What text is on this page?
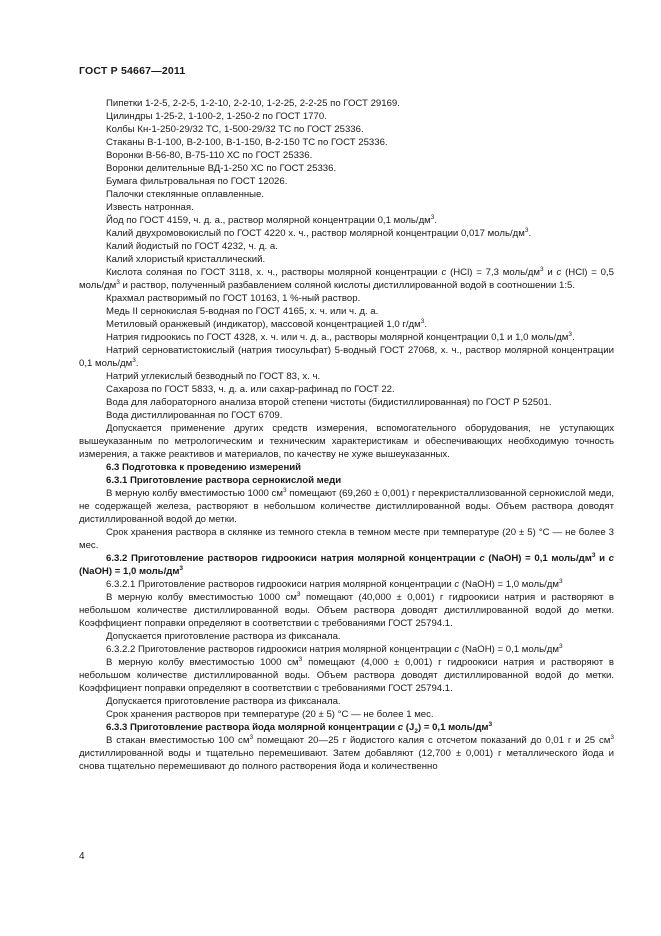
ГОСТ Р 54667—2011

Пипетки 1-2-5, 2-2-5, 1-2-10, 2-2-10, 1-2-25, 2-2-25 по ГОСТ 29169.

Цилиндры 1-25-2, 1-100-2, 1-250-2 по ГОСТ 1770.

Колбы Кн-1-250-29/32 ТС, 1-500-29/32 ТС по ГОСТ 25336.

Стаканы В-1-100, В-2-100, В-1-150, В-2-150 ТС по ГОСТ 25336.

Воронки В-56-80, В-75-110 ХС по ГОСТ 25336.

Воронки делительные ВД-1-250 ХС по ГОСТ 25336.

Бумага фильтровальная по ГОСТ 12026.

Палочки стеклянные оплавленные.

Известь натронная.

Йод по ГОСТ 4159, ч. д. а., раствор молярной концентрации 0,1 моль/$дм^3$.

Калий двухромовокислый по ГОСТ 4220 х. ч., раствор молярной концентрации 0,017 моль/$дм^3$.

Калий йодистый по ГОСТ 4232, ч. д. а.

Калий хлористый кристаллический.

Кислота соляная по ГОСТ 3118, х. ч., растворы молярной концентрации c (HCl) = 7,3 моль/$дм^3$ и c (HCl) = 0,5 моль/$дм^3$ и раствор, полученный разбавлением соляной кислоты дистиллированной водой в соотношении 1:5.

Крахмал растворимый по ГОСТ 10163, 1 %-ный раствор.

Медь II сернокислая 5-водная по ГОСТ 4165, х. ч. или ч. д. а.

Метиловый оранжевый (индикатор), массовой концентрацией 1,0 $г/дм^3$.

Натрия гидроокись по ГОСТ 4328, х. ч. или ч. д. а., растворы молярной концентрации 0,1 и 1,0 моль/$дм^3$.

Натрий серноватистокислый (натрия тиосульфат) 5-водный ГОСТ 27068, х. ч., раствор молярной концентрации 0,1 моль/$дм^3$.

Натрий углекислый безводный по ГОСТ 83, х. ч.

Сахароза по ГОСТ 5833, ч. д. а. или сахар-рафинад по ГОСТ 22.

Вода для лабораторного анализа второй степени чистоты (бидистиллированная) по ГОСТ Р 52501.

Вода дистиллированная по ГОСТ 6709.

Допускается применение других средств измерения, вспомогательного оборудования, не уступающих вышеуказанным по метрологическим и техническим характеристикам и обеспечивающих необходимую точность измерения, а также реактивов и материалов, по качеству не хуже вышеуказанных.

6.3 Подготовка к проведению измерений

6.3.1 Приготовление раствора сернокислой меди

В мерную колбу вместимостью 1000 $см^3$ помещают (69,260 ± 0,001) г перекристаллизованной сернокислой меди, не содержащей железа, растворяют в небольшом количестве дистиллированной воды. Объем раствора доводят дистиллированной водой до метки.

Срок хранения раствора в склянке из темного стекла в темном месте при температуре (20 ± 5) °С — не более 3 мес.

6.3.2 Приготовление растворов гидроокиси натрия молярной концентрации c (NaOH) = 0,1 моль/$дм^3$ и c (NaOH) = 1,0 моль/$дм^3$

6.3.2.1 Приготовление растворов гидроокиси натрия молярной концентрации c (NaOH) = 1,0 моль/$дм^3$

В мерную колбу вместимостью 1000 $см^3$ помещают (40,000 ± 0,001) г гидроокиси натрия и растворяют в небольшом количестве дистиллированной воды. Объем раствора доводят дистиллированной водой до метки. Коэффициент поправки определяют в соответствии с требованиями ГОСТ 25794.1.

Допускается приготовление раствора из фиксанала.

6.3.2.2 Приготовление растворов гидроокиси натрия молярной концентрации c (NaOH) = 0,1 моль/$дм^3$

В мерную колбу вместимостью 1000 $см^3$ помещают (4,000 ± 0,001) г гидроокиси натрия и растворяют в небольшом количестве дистиллированной воды. Объем раствора доводят дистиллированной водой до метки. Коэффициент поправки определяют в соответствии с требованиями ГОСТ 25794.1.

Допускается приготовление раствора из фиксанала.

Срок хранения растворов при температуре (20 ± 5) °С — не более 1 мес.

6.3.3 Приготовление раствора йода молярной концентрации c $(J_2) = 0,1$ моль/$дм^3$

В стакан вместимостью 100 $см^3$ помещают 20—25 г йодистого калия с отсчетом показаний до 0,01 г и 25 $см^3$ дистиллированной воды и тщательно перемешивают. Затем добавляют (12,700 ± 0,001) г металлического йода и снова тщательно перемешивают до полного растворения йода и количественно

4
